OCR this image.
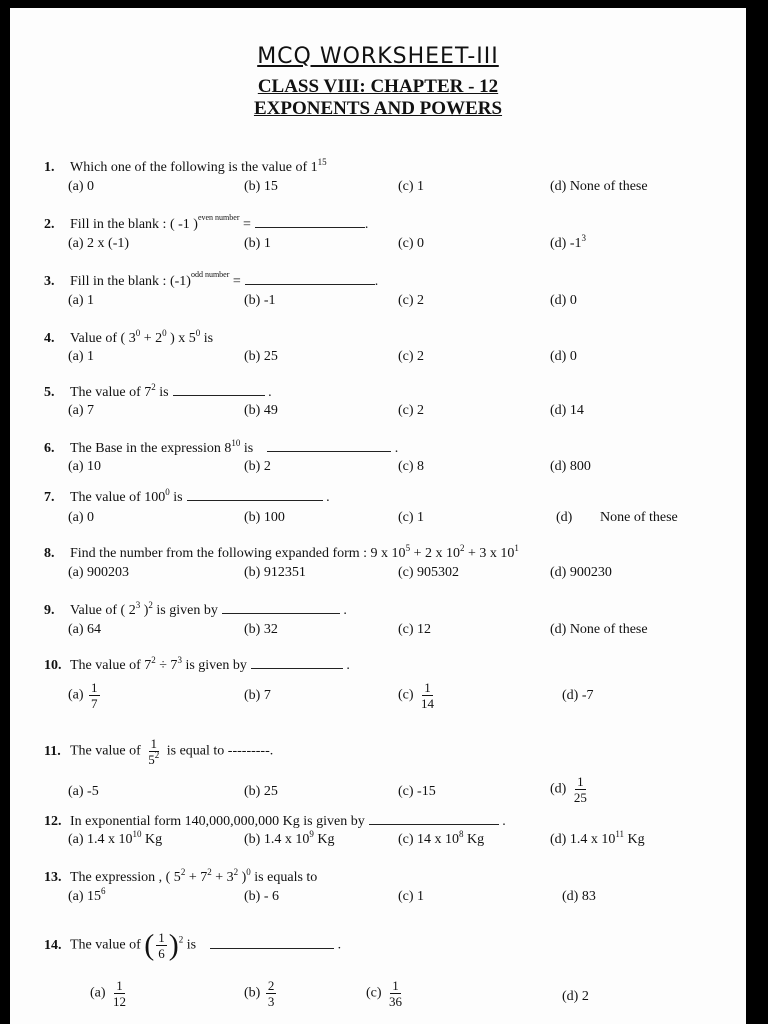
MCQ WORKSHEET-III
CLASS VIII: CHAPTER - 12
EXPONENTS AND POWERS
1. Which one of the following is the value of $1^{15}$
(a) 0	(b) 15	(c) 1	(d) None of these
2. Fill in the blank : ( -1 )$^{even number}$ =	.
(a) 2 x (-1)	(b) 1	(c) 0	(d) $-1^3$
3. Fill in the blank : $(-1)^{odd number}$ =	.
(a) 1	(b) -1	(c) 2	(d) 0
4. Value of ( $3^0 + 2^0$ ) x $5^0$ is
(a) 1	(b) 25	(c) 2	(d) 0
5. The value of $7^2$ is	.
(a) 7	(b) 49	(c) 2	(d) 14
6. The Base in the expression $8^{10}$ is	.
(a) 10	(b) 2	(c) 8	(d) 800
7. The value of $100^0$ is	.
(a) 0	(b) 100	(c) 1	(d) None of these
8. Find the number from the following expanded form : 9 x $10^5 + 2$ x $10^2 + 3$ x $10^1$
(a) 900203	(b) 912351	(c) 905302	(d) 900230
9. Value of ( $2^3$ )$^2$ is given by	.
(a) 64	(b) 32	(c) 12	(d) None of these
10. The value of $7^2 \div 7^3$ is given by	.
$(a) \frac{1}{7}$	(b) 7	$(c) \frac{1}{14}$	(d) -7
11. The value of $\frac{1}{5^2}$ is equal to ---------.
(a) -5	(b) 25	(c) -15	$(d) \frac{1}{25}$
12. In exponential form 140,000,000,000 Kg is given by	.
(a) 1.4 x $10^{10}$ Kg	(b) 1.4 x $10^9$ Kg	(c) 14 x $10^8$ Kg	(d) 1.4 x $10^{11}$ Kg
13. The expression , ( $5^2 + 7^2 + 3^2$ )$^0$ is equals to
(a) $15^6$	(b) - 6	(c) 1	(d) 83
14. The value of ( $\frac{1}{6} )^2$ is	.
$(a) \frac{1}{12}$	$(b) \frac{2}{3}$	$(c) \frac{1}{36}$	(d) 2
